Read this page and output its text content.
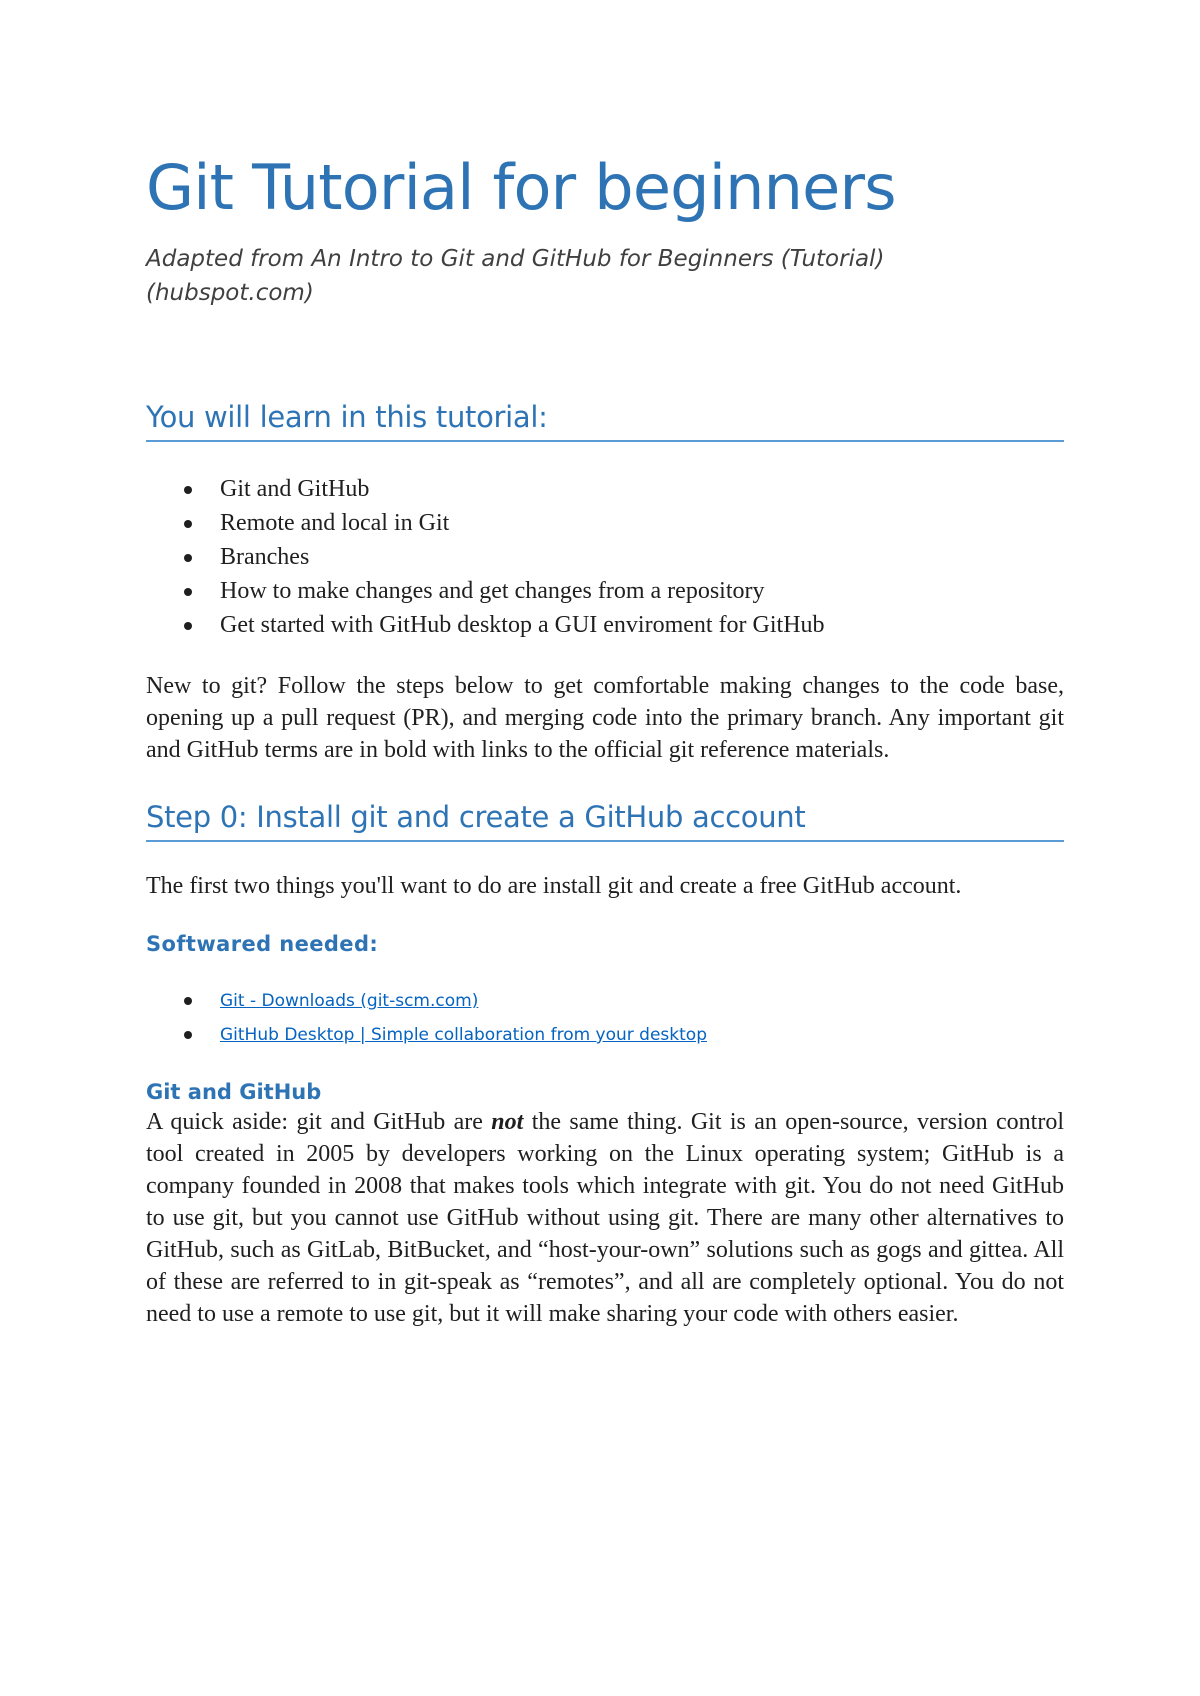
Git Tutorial for beginners

Adapted from An Intro to Git and GitHub for Beginners (Tutorial)
(hubspot.com)

You will learn in this tutorial:
Git and GitHub
Remote and local in Git
Branches
How to make changes and get changes from a repository
Get started with GitHub desktop a GUI enviroment for GitHub

New to git? Follow the steps below to get comfortable making changes to the code base, opening up a pull request (PR), and merging code into the primary branch. Any important git and GitHub terms are in bold with links to the official git reference materials.

Step 0: Install git and create a GitHub account

The first two things you'll want to do are install git and create a free GitHub account.

Softwared needed:
Git - Downloads (git-scm.com)
GitHub Desktop | Simple collaboration from your desktop
Git and GitHub

A quick aside: git and GitHub are not the same thing. Git is an open-source, version control tool created in 2005 by developers working on the Linux operating system; GitHub is a company founded in 2008 that makes tools which integrate with git. You do not need GitHub to use git, but you cannot use GitHub without using git. There are many other alternatives to GitHub, such as GitLab, BitBucket, and “host-your-own” solutions such as gogs and gittea. All of these are referred to in git-speak as “remotes”, and all are completely optional. You do not need to use a remote to use git, but it will make sharing your code with others easier.
